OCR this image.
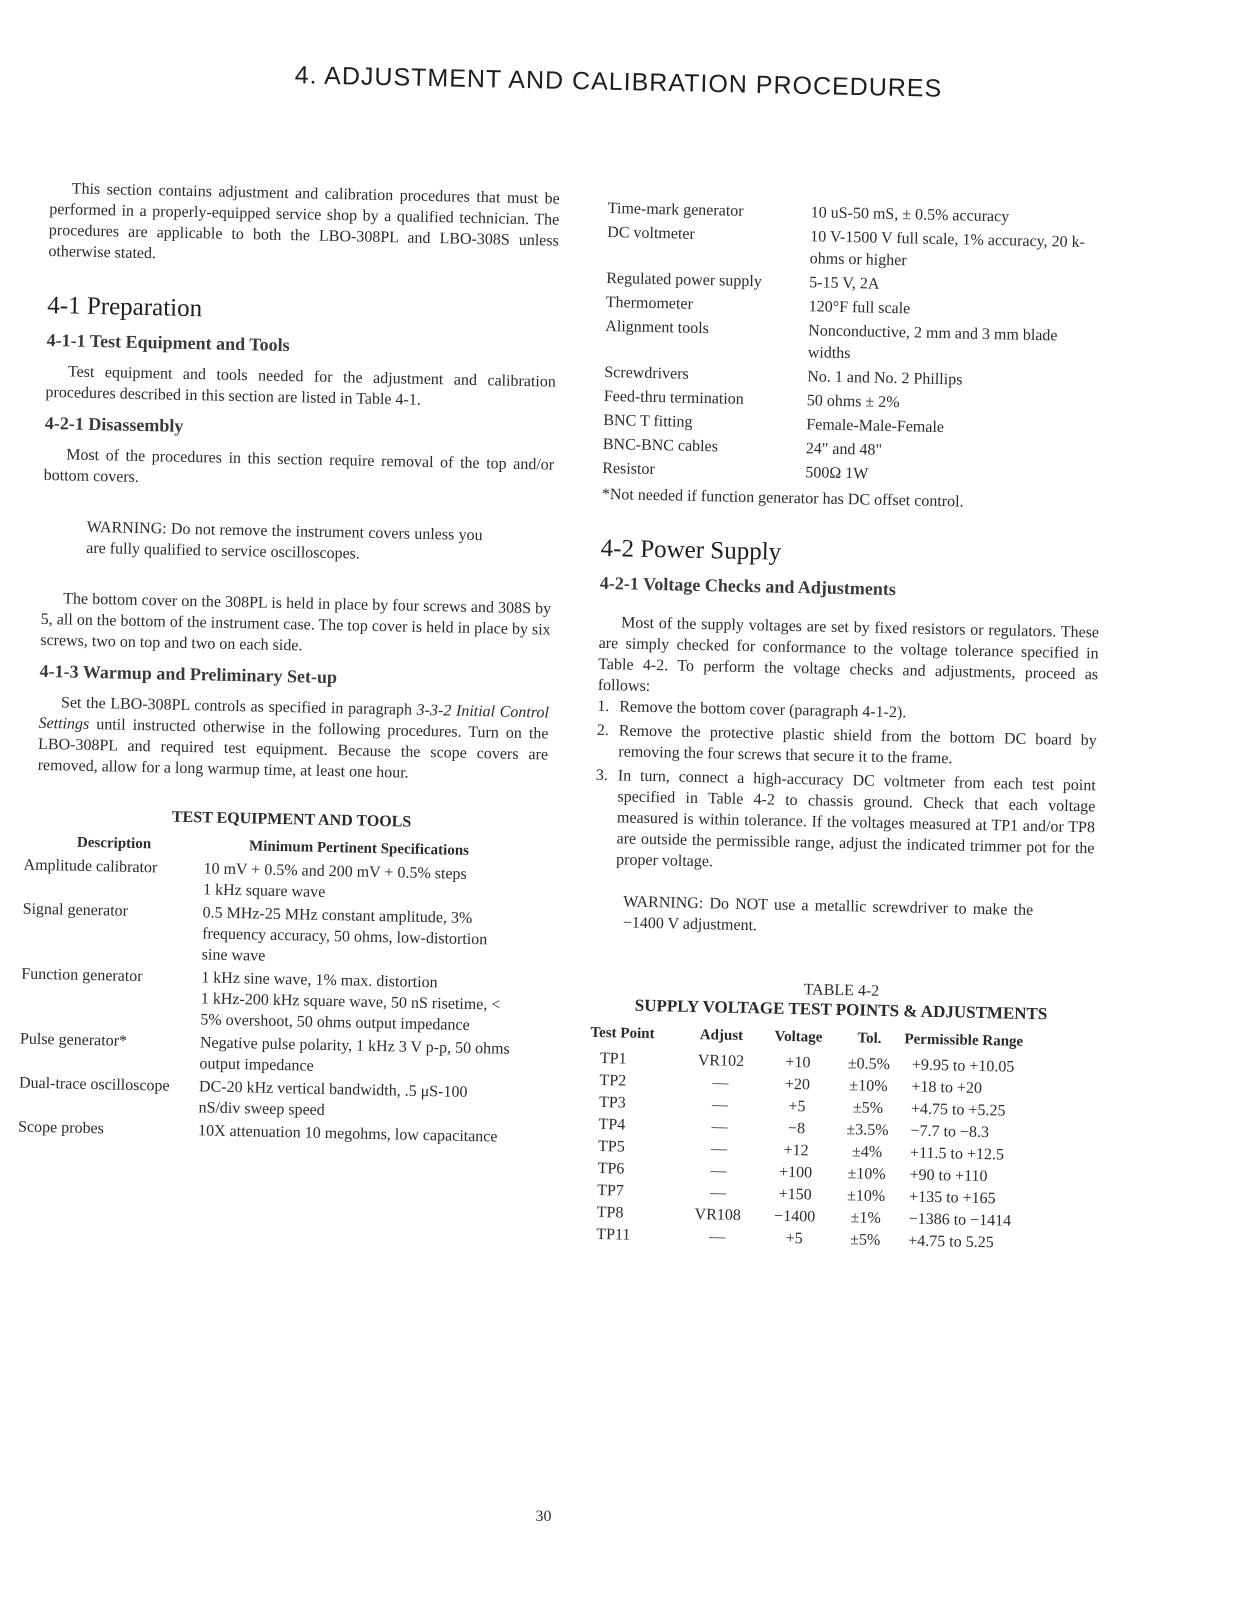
4. ADJUSTMENT AND CALIBRATION PROCEDURES

This section contains adjustment and calibration procedures that must be performed in a properly-equipped service shop by a qualified technician. The procedures are applicable to both the LBO-308PL and LBO-308S unless otherwise stated.

4-1 Preparation
4-1-1 Test Equipment and Tools

Test equipment and tools needed for the adjustment and calibration procedures described in this section are listed in Table 4-1.

4-2-1 Disassembly

Most of the procedures in this section require removal of the top and/or bottom covers.

WARNING: Do not remove the instrument covers unless you are fully qualified to service oscilloscopes.

The bottom cover on the 308PL is held in place by four screws and 308S by 5, all on the bottom of the instrument case. The top cover is held in place by six screws, two on top and two on each side.

4-1-3 Warmup and Preliminary Set-up

Set the LBO-308PL controls as specified in paragraph 3-3-2 Initial Control Settings until instructed otherwise in the following procedures. Turn on the LBO-308PL and required test equipment. Because the scope covers are removed, allow for a long warmup time, at least one hour.

TEST EQUIPMENT AND TOOLS
Description	Minimum Pertinent Specifications
Amplitude calibrator	10 mV + 0.5% and 200 mV + 0.5% steps
1 kHz square wave

Signal generator	0.5 MHz-25 MHz constant amplitude, 3% frequency accuracy, 50 ohms, low-distortion sine wave

Function generator	1 kHz sine wave, 1% max. distortion
1 kHz-200 kHz square wave, 50 nS risetime, < 5% overshoot, 50 ohms output impedance

Pulse generator*	Negative pulse polarity, 1 kHz 3 V p-p, 50 ohms output impedance

Dual-trace oscilloscope	DC-20 kHz vertical bandwidth, .5 μS-100 nS/div sweep speed

Scope probes	10X attenuation 10 megohms, low capacitance
Time-mark generator	10 uS-50 mS, ± 0.5% accuracy
DC voltmeter	10 V-1500 V full scale, 1% accuracy, 20 k-ohms or higher
Regulated power supply	5-15 V, 2A
Thermometer	120°F full scale
Alignment tools	Nonconductive, 2 mm and 3 mm blade widths
Screwdrivers	No. 1 and No. 2 Phillips
Feed-thru termination	50 ohms ± 2%
BNC T fitting	Female-Male-Female
BNC-BNC cables	24" and 48"
Resistor	500Ω 1W

*Not needed if function generator has DC offset control.

4-2 Power Supply
4-2-1 Voltage Checks and Adjustments

Most of the supply voltages are set by fixed resistors or regulators. These are simply checked for conformance to the voltage tolerance specified in Table 4-2. To perform the voltage checks and adjustments, proceed as follows:

1. Remove the bottom cover (paragraph 4-1-2).
2. Remove the protective plastic shield from the bottom DC board by removing the four screws that secure it to the frame.
3. In turn, connect a high-accuracy DC voltmeter from each test point specified in Table 4-2 to chassis ground. Check that each voltage measured is within tolerance. If the voltages measured at TP1 and/or TP8 are outside the permissible range, adjust the indicated trimmer pot for the proper voltage.

WARNING: Do NOT use a metallic screwdriver to make the −1400 V adjustment.

TABLE 4-2
SUPPLY VOLTAGE TEST POINTS & ADJUSTMENTS
Test Point	Adjust	Voltage	Tol.	Permissible Range
TP1	VR102	+10	±0.5%	+9.95 to +10.05
TP2	—	+20	±10%	+18 to +20
TP3	—	+5	±5%	+4.75 to +5.25
TP4	—	−8	±3.5%	−7.7 to −8.3
TP5	—	+12	±4%	+11.5 to +12.5
TP6	—	+100	±10%	+90 to +110
TP7	—	+150	±10%	+135 to +165
TP8	VR108	−1400	±1%	−1386 to −1414
TP11	—	+5	±5%	+4.75 to 5.25
30
